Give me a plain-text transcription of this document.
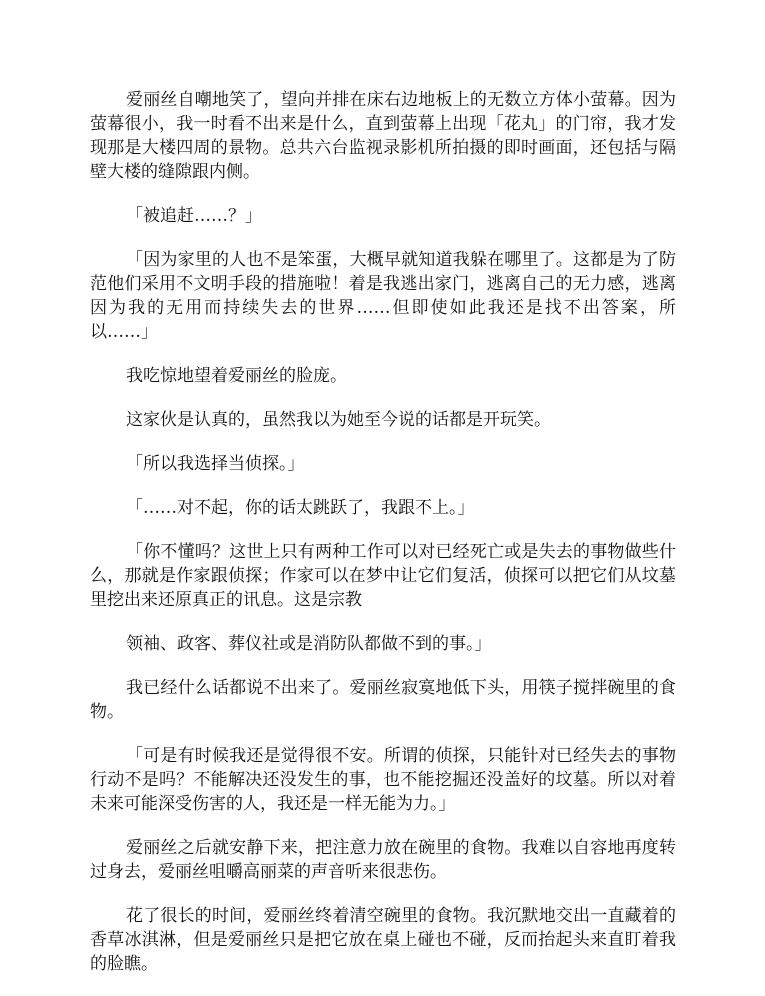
爱丽丝自嘲地笑了，望向并排在床右边地板上的无数立方体小萤幕。因为萤幕很小，我一时看不出来是什么，直到萤幕上出现「花丸」的门帘，我才发现那是大楼四周的景物。总共六台监视录影机所拍摄的即时画面，还包括与隔壁大楼的缝隙跟内侧。

「被追赶……？」

「因为家里的人也不是笨蛋，大概早就知道我躲在哪里了。这都是为了防范他们采用不文明手段的措施啦！着是我逃出家门，逃离自己的无力感，逃离因为我的无用而持续失去的世界……但即使如此我还是找不出答案，所以……」

我吃惊地望着爱丽丝的脸庞。

这家伙是认真的，虽然我以为她至今说的话都是开玩笑。

「所以我选择当侦探。」

「……对不起，你的话太跳跃了，我跟不上。」

「你不懂吗？这世上只有两种工作可以对已经死亡或是失去的事物做些什么，那就是作家跟侦探；作家可以在梦中让它们复活，侦探可以把它们从坟墓里挖出来还原真正的讯息。这是宗教

领袖、政客、葬仪社或是消防队都做不到的事。」

我已经什么话都说不出来了。爱丽丝寂寞地低下头，用筷子搅拌碗里的食物。

「可是有时候我还是觉得很不安。所谓的侦探，只能针对已经失去的事物行动不是吗？不能解决还没发生的事，也不能挖掘还没盖好的坟墓。所以对着未来可能深受伤害的人，我还是一样无能为力。」

爱丽丝之后就安静下来，把注意力放在碗里的食物。我难以自容地再度转过身去，爱丽丝咀嚼高丽菜的声音听来很悲伤。

花了很长的时间，爱丽丝终着清空碗里的食物。我沉默地交出一直藏着的香草冰淇淋，但是爱丽丝只是把它放在桌上碰也不碰，反而抬起头来直盯着我的脸瞧。
